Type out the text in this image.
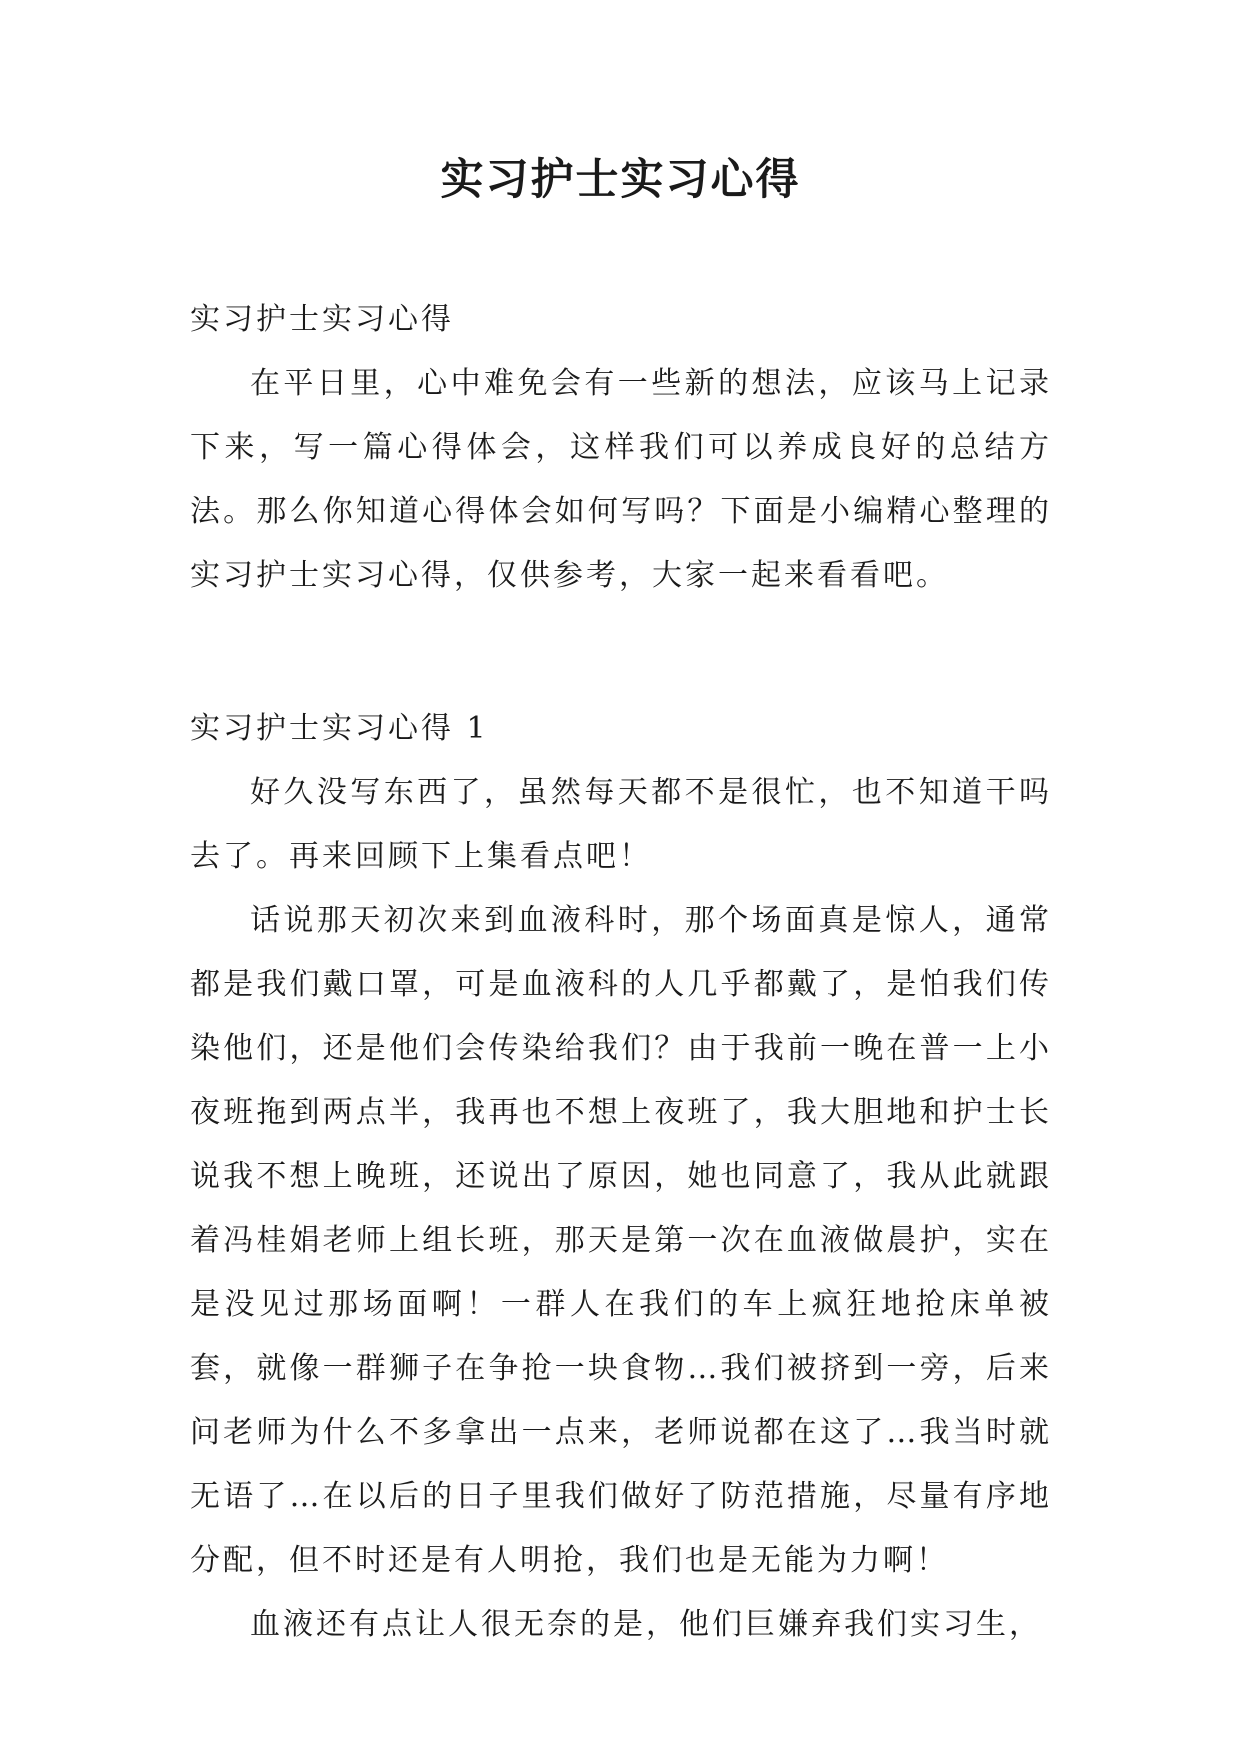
实习护士实习心得

实习护士实习心得

在平日里，心中难免会有一些新的想法，应该马上记录下来，写一篇心得体会，这样我们可以养成良好的总结方法。那么你知道心得体会如何写吗？下面是小编精心整理的实习护士实习心得，仅供参考，大家一起来看看吧。

实习护士实习心得 1

好久没写东西了，虽然每天都不是很忙，也不知道干吗去了。再来回顾下上集看点吧！

话说那天初次来到血液科时，那个场面真是惊人，通常都是我们戴口罩，可是血液科的人几乎都戴了，是怕我们传染他们，还是他们会传染给我们？由于我前一晚在普一上小夜班拖到两点半，我再也不想上夜班了，我大胆地和护士长说我不想上晚班，还说出了原因，她也同意了，我从此就跟着冯桂娟老师上组长班，那天是第一次在血液做晨护，实在是没见过那场面啊！一群人在我们的车上疯狂地抢床单被套，就像一群狮子在争抢一块食物…我们被挤到一旁，后来问老师为什么不多拿出一点来，老师说都在这了…我当时就无语了…在以后的日子里我们做好了防范措施，尽量有序地分配，但不时还是有人明抢，我们也是无能为力啊！

血液还有点让人很无奈的是，他们巨嫌弃我们实习生，
